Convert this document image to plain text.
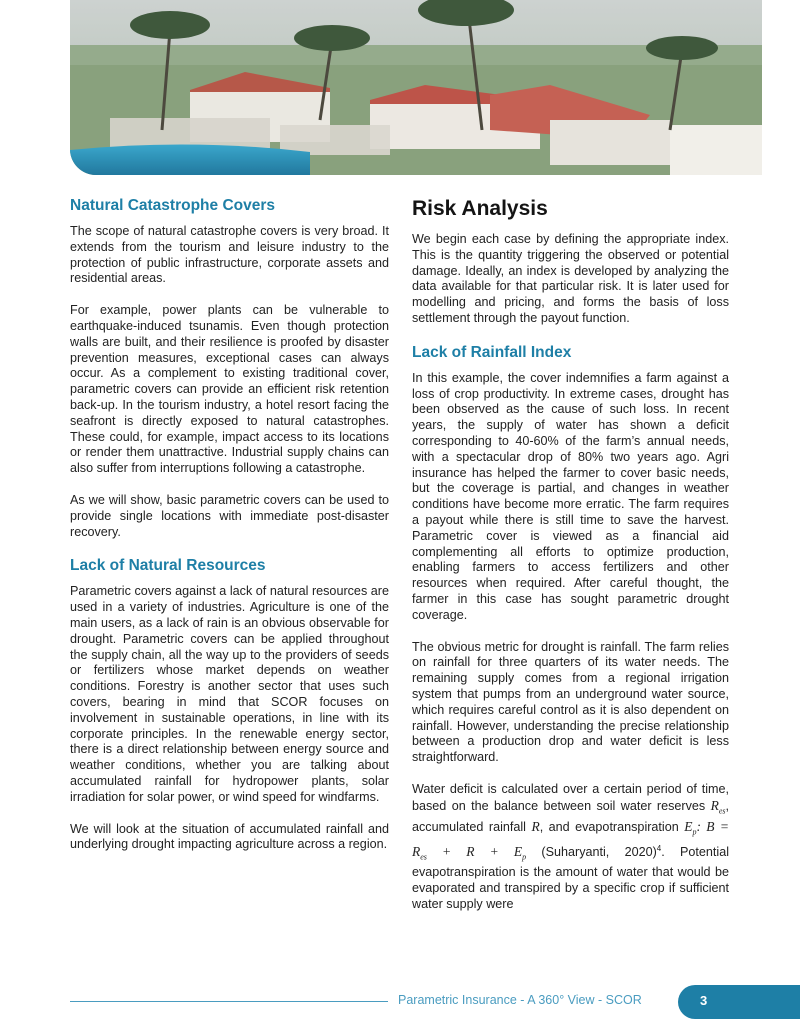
Natural Catastrophe Covers

The scope of natural catastrophe covers is very broad. It extends from the tourism and leisure industry to the protection of public infrastructure, corporate assets and residential areas.

For example, power plants can be vulnerable to earthquake-induced tsunamis. Even though protection walls are built, and their resilience is proofed by disaster prevention measures, exceptional cases can always occur. As a complement to existing traditional cover, parametric covers can provide an efficient risk retention back-up. In the tourism industry, a hotel resort facing the seafront is directly exposed to natural catastrophes. These could, for example, impact access to its locations or render them unattractive. Industrial supply chains can also suffer from interruptions following a catastrophe.

As we will show, basic parametric covers can be used to provide single locations with immediate post-disaster recovery.

Lack of Natural Resources

Parametric covers against a lack of natural resources are used in a variety of industries. Agriculture is one of the main users, as a lack of rain is an obvious observable for drought. Parametric covers can be applied throughout the supply chain, all the way up to the providers of seeds or fertilizers whose market depends on weather conditions. Forestry is another sector that uses such covers, bearing in mind that SCOR focuses on involvement in sustainable operations, in line with its corporate principles. In the renewable energy sector, there is a direct relationship between energy source and weather conditions, whether you are talking about accumulated rainfall for hydropower plants, solar irradiation for solar power, or wind speed for windfarms.

We will look at the situation of accumulated rainfall and underlying drought impacting agriculture across a region.

Risk Analysis

We begin each case by defining the appropriate index. This is the quantity triggering the observed or potential damage. Ideally, an index is developed by analyzing the data available for that particular risk. It is later used for modelling and pricing, and forms the basis of loss settlement through the payout function.

Lack of Rainfall Index

In this example, the cover indemnifies a farm against a loss of crop productivity. In extreme cases, drought has been observed as the cause of such loss. In recent years, the supply of water has shown a deficit corresponding to 40-60% of the farm’s annual needs, with a spectacular drop of 80% two years ago. Agri insurance has helped the farmer to cover basic needs, but the coverage is partial, and changes in weather conditions have become more erratic. The farm requires a payout while there is still time to save the harvest. Parametric cover is viewed as a financial aid complementing all efforts to optimize production, enabling farmers to access fertilizers and other resources when required. After careful thought, the farmer in this case has sought parametric drought coverage.

The obvious metric for drought is rainfall. The farm relies on rainfall for three quarters of its water needs. The remaining supply comes from a regional irrigation system that pumps from an underground water source, which requires careful control as it is also dependent on rainfall. However, understanding the precise relationship between a production drop and water deficit is less straightforward.

Water deficit is calculated over a certain period of time, based on the balance between soil water reserves $R_{es}$, accumulated rainfall R, and evapotranspiration $E_p$: $B = R_{es} + R + E_p$ (Suharyanti, 2020)$^4$. Potential evapotranspiration is the amount of water that would be evaporated and transpired by a specific crop if sufficient water supply were

Parametric Insurance - A 360° View - SCOR	3
